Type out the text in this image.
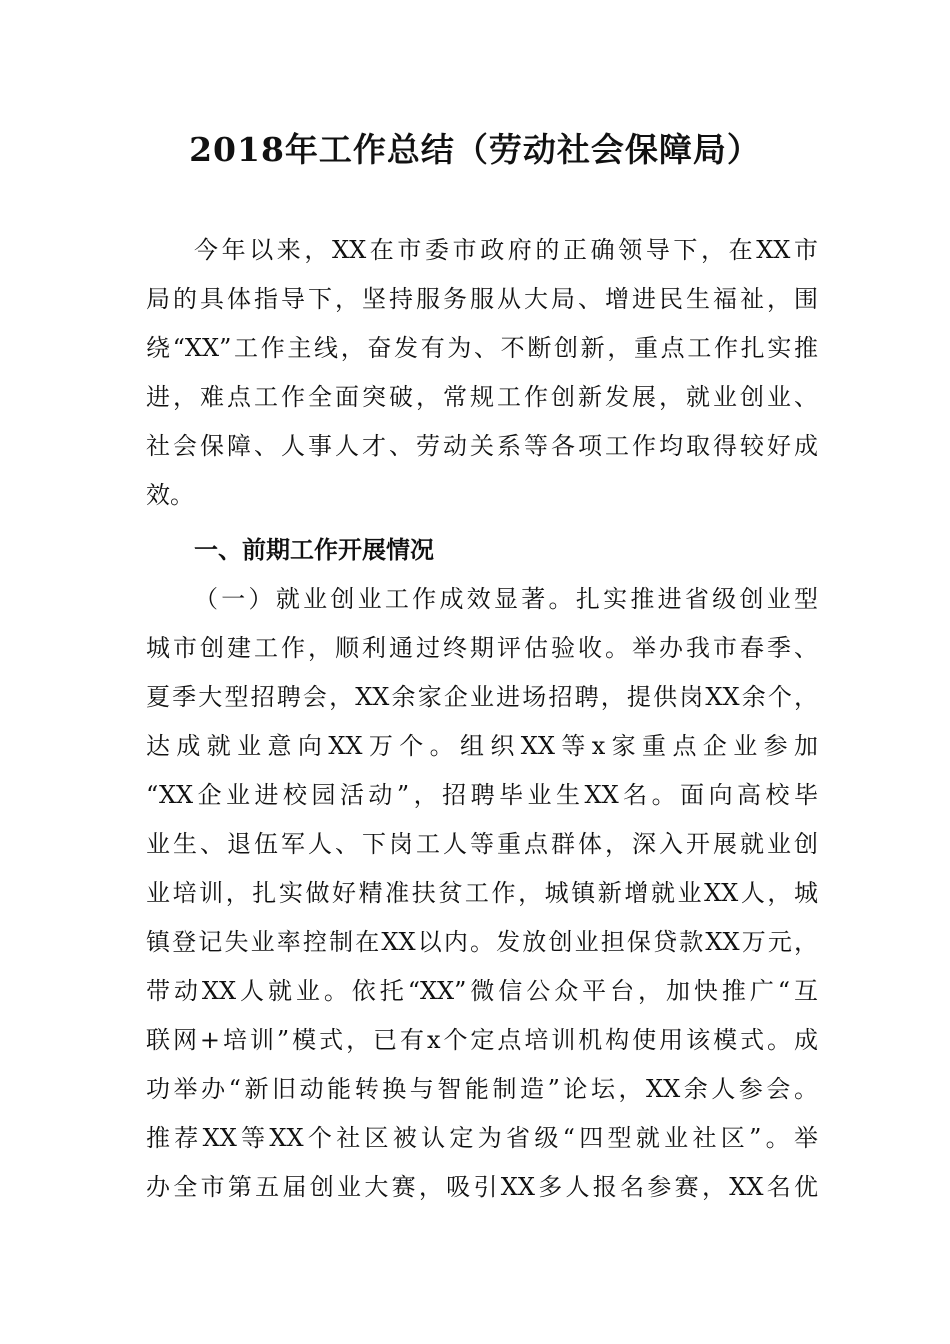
2018年工作总结（劳动社会保障局）
今年以来，XX在市委市政府的正确领导下，在XX市
局的具体指导下，坚持服务服从大局、增进民生福祉，围
绕“XX”工作主线，奋发有为、不断创新，重点工作扎实推
进，难点工作全面突破，常规工作创新发展，就业创业、
社会保障、人事人才、劳动关系等各项工作均取得较好成
效。
一、前期工作开展情况
（一）就业创业工作成效显著。扎实推进省级创业型
城市创建工作，顺利通过终期评估验收。举办我市春季、
夏季大型招聘会，XX余家企业进场招聘，提供岗XX余个，
达成就业意向XX万个。组织XX等x家重点企业参加
“XX企业进校园活动”，招聘毕业生XX名。面向高校毕
业生、退伍军人、下岗工人等重点群体，深入开展就业创
业培训，扎实做好精准扶贫工作，城镇新增就业XX人，城
镇登记失业率控制在XX以内。发放创业担保贷款XX万元，
带动XX人就业。依托“XX”微信公众平台，加快推广“互
联网+培训”模式，已有x个定点培训机构使用该模式。成
功举办“新旧动能转换与智能制造”论坛，XX余人参会。
推荐XX等XX个社区被认定为省级“四型就业社区”。举
办全市第五届创业大赛，吸引XX多人报名参赛，XX名优
